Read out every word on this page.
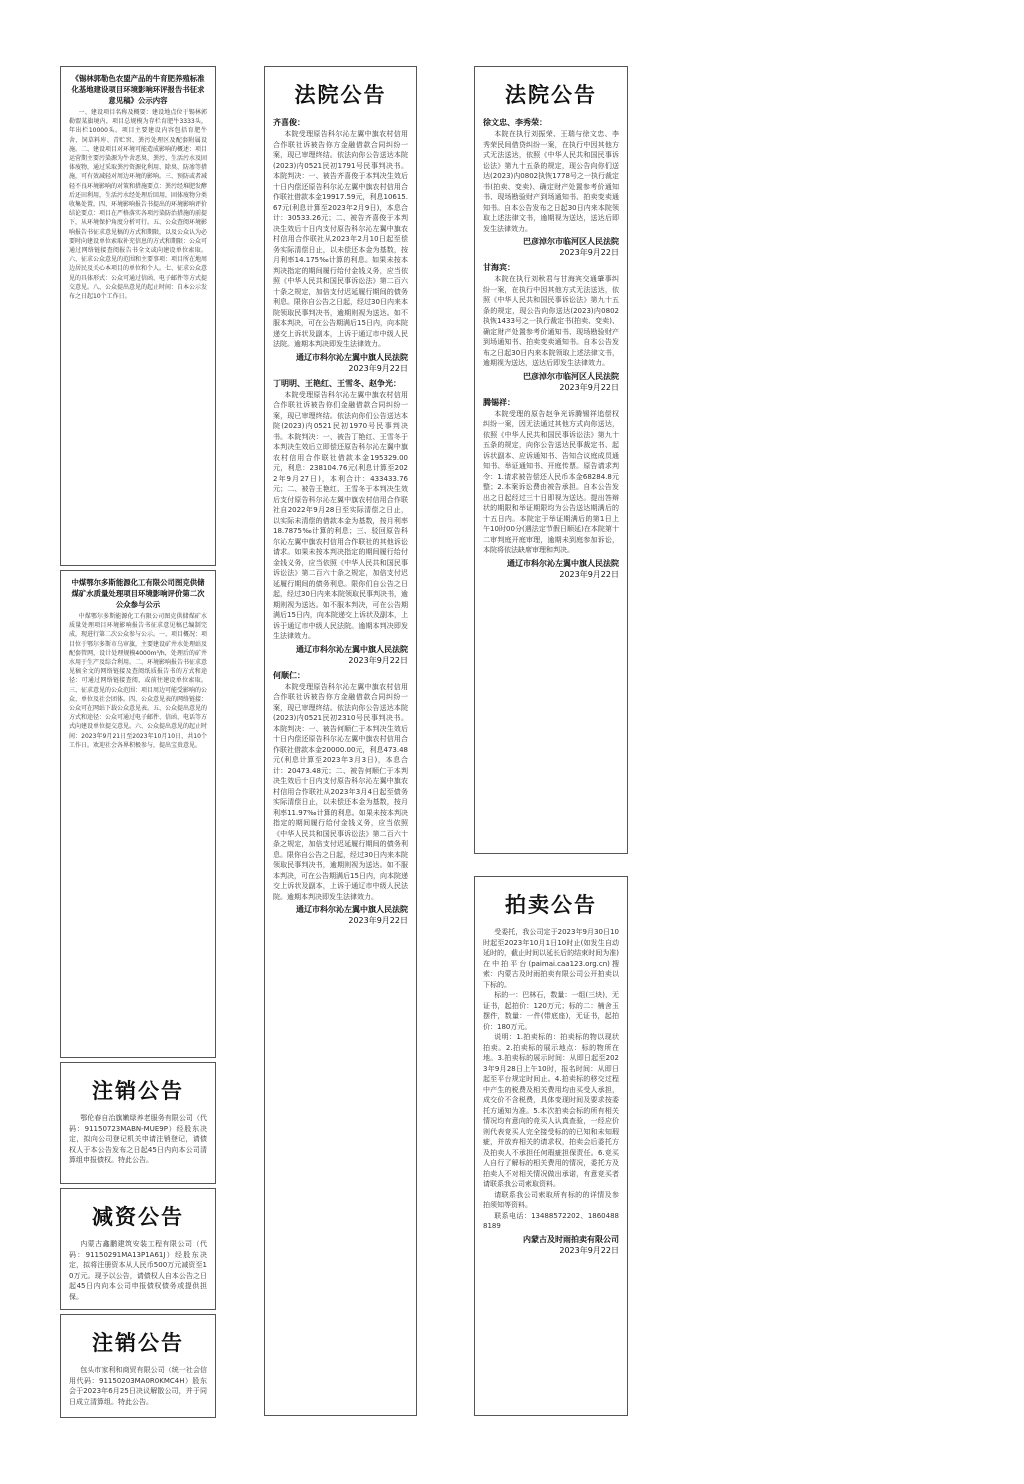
《锡林郭勒色农盟产品的牛育肥养殖标准化基地建设项目环境影响环评报告书征求意见稿》公示内容

一、建设项目名称及概要：建设地点位于锡林郭勒盟某旗境内，项目总规模为存栏育肥牛3333头，年出栏10000头。项目主要建设内容包括育肥牛舍、饲草料库、青贮窖、粪污处理区及配套附属设施。二、建设项目对环境可能造成影响的概述：项目运营期主要污染源为牛舍恶臭、粪污、生活污水及固体废物，通过采取粪污资源化利用、除臭、防渗等措施，可有效减轻对周边环境的影响。三、预防或者减轻不良环境影响的对策和措施要点：粪污经堆肥发酵后还田利用，生活污水经处理后回用，固体废物分类收集处置。四、环境影响报告书提出的环境影响评价结论要点：项目在严格落实各项污染防治措施的前提下，从环境保护角度分析可行。五、公众查阅环境影响报告书征求意见稿的方式和期限，以及公众认为必要时向建设单位索取补充信息的方式和期限：公众可通过网络链接查阅报告书全文或向建设单位索取。六、征求公众意见的范围和主要事项：项目所在地周边居民及关心本项目的单位和个人。七、征求公众意见的具体形式：公众可通过信函、电子邮件等方式提交意见。八、公众提出意见的起止时间：自本公示发布之日起10个工作日。

中煤鄂尔多斯能源化工有限公司图克供储煤矿水质量处理项目环境影响评价第二次公众参与公示

中煤鄂尔多斯能源化工有限公司图克供储煤矿水质量处理项目环境影响报告书征求意见稿已编制完成，现进行第二次公众参与公示。一、项目概况：项目位于鄂尔多斯市乌审旗，主要建设矿井水处理站及配套管网，设计处理规模4000m³/h，处理后的矿井水用于生产及综合利用。二、环境影响报告书征求意见稿全文的网络链接及查阅纸质报告书的方式和途径：可通过网络链接查阅，或前往建设单位索取。三、征求意见的公众范围：项目周边可能受影响的公众、单位及社会团体。四、公众意见表的网络链接：公众可在网站下载公众意见表。五、公众提出意见的方式和途径：公众可通过电子邮件、信函、电话等方式向建设单位提交意见。六、公众提出意见的起止时间：2023年9月21日至2023年10月10日，共10个工作日。欢迎社会各界积极参与，提出宝贵意见。

注销公告

鄂伦春自治旗嫩绿养老服务有限公司（代码：91150723MABN-MUE9P）经股东决定，拟向公司登记机关申请注销登记，请债权人于本公告发布之日起45日内向本公司清算组申报债权。特此公告。

减资公告

内蒙古鑫鹏建筑安装工程有限公司（代码：91150291MA13P1A61J）经股东决定，拟将注册资本从人民币500万元减资至10万元。现予以公告，请债权人自本公告之日起45日内向本公司申报债权债务或提供担保。

注销公告

包头市家利和商贸有限公司（统一社会信用代码：91150203MA0R0KMC4H）股东会于2023年6月25日决议解散公司，并于同日成立清算组。特此公告。

法院公告
齐喜俊：

本院受理原告科尔沁左翼中旗农村信用合作联社诉被告你方金融借款合同纠纷一案，现已审理终结。依法向你公告送达本院(2023)内0521民初1791号民事判决书。本院判决：一、被告齐喜俊于本判决生效后十日内偿还原告科尔沁左翼中旗农村信用合作联社借款本金19917.59元，利息10615.67元(利息计算至2023年2月9日)，本息合计：30533.26元；二、被告齐喜俊于本判决生效后十日内支付原告科尔沁左翼中旗农村信用合作联社从2023年2月10日起至偿务实际清偿日止，以未偿还本金为基数，按月利率14.175‰计算的利息。如果未按本判决指定的期间履行给付金钱义务，应当依照《中华人民共和国民事诉讼法》第二百六十条之规定，加倍支付迟延履行期间的债务利息。限你自公告之日起，经过30日内来本院领取民事判决书，逾期则视为送达。如不服本判决，可在公告期满后15日内，向本院递交上诉状及副本，上诉于通辽市中级人民法院。逾期本判决即发生法律效力。

通辽市科尔沁左翼中旗人民法院
2023年9月22日
丁明明、王艳红、王雪冬、赵争光：

本院受理原告科尔沁左翼中旗农村信用合作联社诉被告你们金融借款合同纠纷一案，现已审理终结。依法向你们公告送达本院(2023)内0521民初1970号民事判决书。本院判决：一、被告丁艳红、王雪冬于本判决生效后立即偿还原告科尔沁左翼中旗农村信用合作联社借款本金195329.00元，利息：238104.76元(利息计算至2022年9月27日)，本利合计：433433.76元；二、被告王艳红、王雪冬于本判决生效后支付原告科尔沁左翼中旗农村信用合作联社自2022年9月28日至实际清偿之日止，以实际未清偿的借款本金为基数，按月利率18.7875‰计算的利息；三、驳回原告科尔沁左翼中旗农村信用合作联社的其他诉讼请求。如果未按本判决指定的期间履行给付金钱义务，应当依照《中华人民共和国民事诉讼法》第二百六十条之规定，加倍支付迟延履行期间的债务利息。限你们自公告之日起，经过30日内来本院领取民事判决书，逾期则视为送达。如不服本判决，可在公告期满后15日内，向本院递交上诉状及副本，上诉于通辽市中级人民法院。逾期本判决即发生法律效力。

通辽市科尔沁左翼中旗人民法院
2023年9月22日
何顺仁：

本院受理原告科尔沁左翼中旗农村信用合作联社诉被告你方金融借款合同纠纷一案，现已审理终结。依法向你公告送达本院(2023)内0521民初2310号民事判决书。本院判决：一、被告何顺仁于本判决生效后十日内偿还原告科尔沁左翼中旗农村信用合作联社借款本金20000.00元，利息473.48元(利息计算至2023年3月3日)，本息合计：20473.48元；二、被告何顺仁于本判决生效后十日内支付原告科尔沁左翼中旗农村信用合作联社从2023年3月4日起至债务实际清偿日止，以未偿还本金为基数，按月利率11.97‰计算的利息。如果未按本判决指定的期间履行给付金钱义务，应当依照《中华人民共和国民事诉讼法》第二百六十条之规定，加倍支付迟延履行期间的债务利息。限你自公告之日起，经过30日内来本院领取民事判决书，逾期则视为送达。如不服本判决，可在公告期满后15日内，向本院递交上诉状及副本，上诉于通辽市中级人民法院。逾期本判决即发生法律效力。

通辽市科尔沁左翼中旗人民法院
2023年9月22日
法院公告
徐文忠、李秀荣：

本院在执行刘振荣、王瑞与徐文忠、李秀荣民间借贷纠纷一案，在执行中因其他方式无法送达，依照《中华人民共和国民事诉讼法》第九十五条的规定，现公告向你们送达(2023)内0802执恢1778号之一执行裁定书(拍卖、变卖)、确定财产处置参考价通知书、现场勘验财产到场通知书、拍卖变卖通知书。自本公告发布之日起30日内来本院领取上述法律文书，逾期视为送达，送达后即发生法律效力。

巴彦淖尔市临河区人民法院
2023年9月22日
甘海宾：

本院在执行刘秋君与甘海宾交通肇事纠纷一案，在执行中因其他方式无法送达，依照《中华人民共和国民事诉讼法》第九十五条的规定，现公告向你送达(2023)内0802执恢1433号之一执行裁定书(拍卖、变卖)、确定财产处置参考价通知书、现场勘验财产到场通知书、拍卖变卖通知书。自本公告发布之日起30日内来本院领取上述法律文书，逾期视为送达，送达后即发生法律效力。

巴彦淖尔市临河区人民法院
2023年9月22日
腾锡祥：

本院受理的原告赵争光诉腾锡祥追偿权纠纷一案，因无法通过其他方式向你送达，依照《中华人民共和国民事诉讼法》第九十五条的规定，向你公告送达民事裁定书、起诉状副本、应诉通知书、告知合议庭成员通知书、举证通知书、开庭传票。原告请求判令：1.请求被告偿还人民币本金68284.8元整；2.本案诉讼费由被告承担。自本公告发出之日起经过三十日即视为送达。提出答辩状的期限和举证期限均为公告送达期满后的十五日内。本院定于举证期满后的第1日上午10时00分(遇法定节假日顺延)在本院第十二审判庭开庭审理，逾期未到庭参加诉讼，本院将依法缺席审理和判决。

通辽市科尔沁左翼中旗人民法院
2023年9月22日
拍卖公告

受委托，我公司定于2023年9月30日10时起至2023年10月1日10时止(如发生自动延时的，截止时间以延长后的结束时间为准)在中拍平台(paimai.caa123.org.cn)搜索：内蒙古及时雨拍卖有限公司公开拍卖以下标的。

标的一：巴林石，数量：一组(三块)，无证书，起拍价：120万元；标的二：楠舍玉摆件，数量：一件(带底座)，无证书，起拍价：180万元。

说明：1.拍卖标的：拍卖标的物以现状拍卖。2.拍卖标的展示地点：标的物所在地。3.拍卖标的展示时间：从即日起至2023年9月28日上午10时，报名时间：从即日起至平台规定时间止。4.拍卖标的移交过程中产生的税费及相关费用均由买受人承担，成交价不含税费，具体变现时间及要求按委托方通知为准。5.本次拍卖会标的所有相关情况均有意向的竞买人认真查验，一经应价则代表竞买人完全接受标的的已知和未知瑕疵，并放弃相关的请求权，拍卖会后委托方及拍卖人不承担任何瑕疵担保责任。6.竞买人自行了解标的相关费用的情况，委托方及拍卖人不对相关情况做出承诺，有意竞买者请联系我公司索取资料。

请联系我公司索取所有标的的详情及参拍须知等资料。

联系电话：13488572202、18604888189

内蒙古及时雨拍卖有限公司
2023年9月22日
